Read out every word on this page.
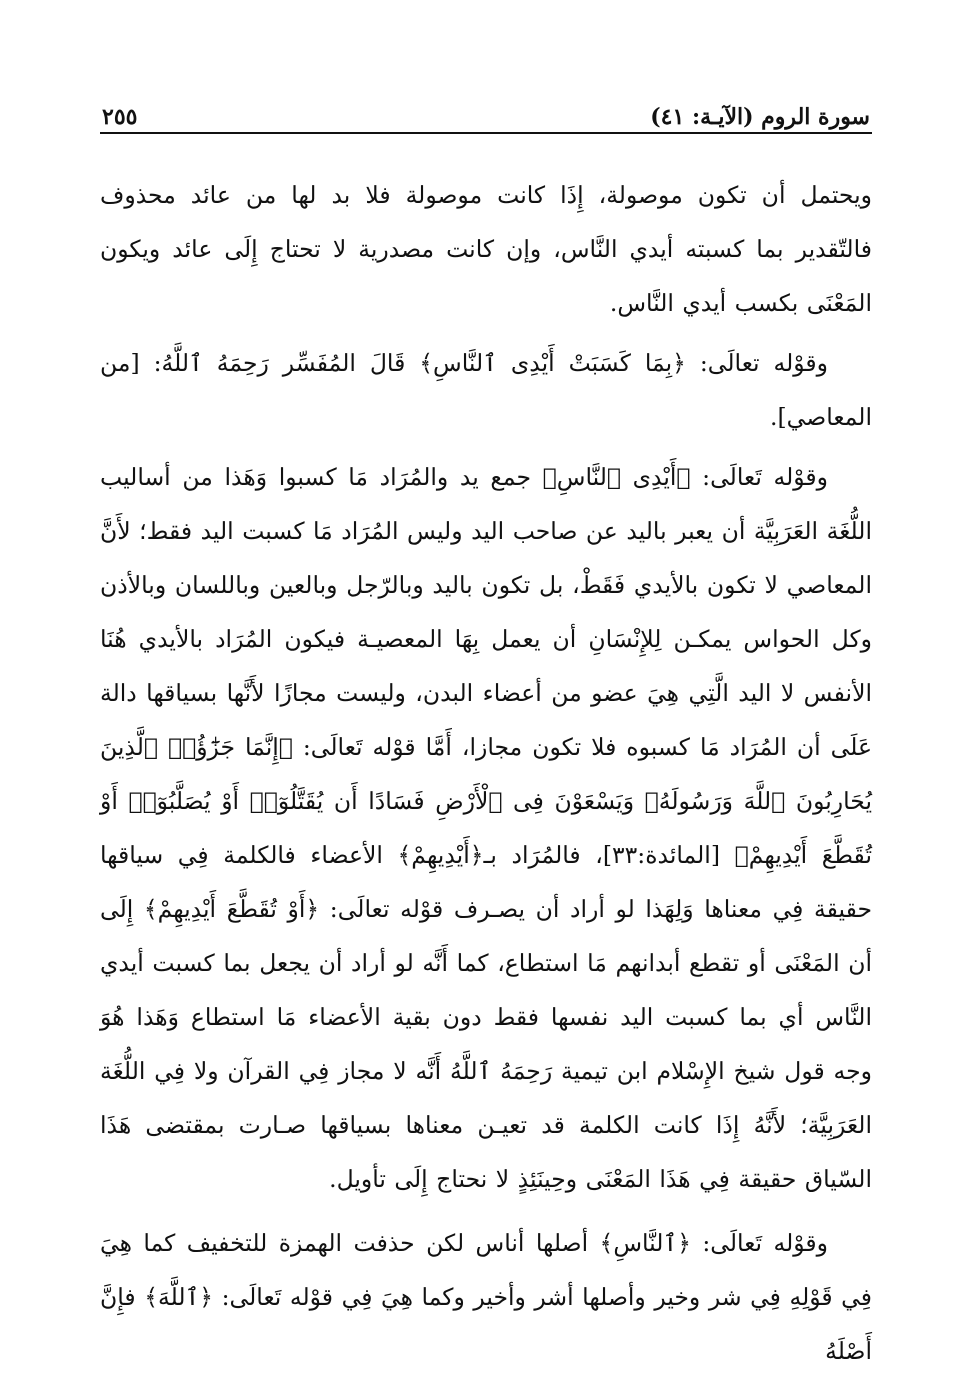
سورة الروم (الآيـة: ٤١)
٢٥٥

ويحتمل أن تكون موصولة، إِذَا كانت موصولة فلا بد لها من عائد محذوف فالتّقدير بما كسبته أيدي النَّاس، وإن كانت مصدرية لا تحتاج إِلَى عائد ويكون المَعْنَى بكسب أيدي النَّاس.

وقوْله تعالَى: ﴿بِمَا كَسَبَتْ أَيْدِى ٱلنَّاسِ﴾ قَالَ المُفَسِّر رَحِمَهُ ٱللَّهُ: [من المعاصي].

وقوْله تَعالَى: ﴿أَيْدِى ٱلنَّاسِ﴾ جمع يد والمُرَاد مَا كسبوا وَهَذا من أساليب اللُّغَة العَرَبِيَّة أن يعبر باليد عن صاحب اليد وليس المُرَاد مَا كسبت اليد فقط؛ لأَنَّ المعاصي لا تكون بالأيدي فَقَطْ، بل تكون باليد وبالرّجل وبالعين وباللسان وبالأذن وكل الحواس يمكـن لِلإِنْسَانِ أن يعمل بِهَا المعصيـة فيكون المُرَاد بالأيدي هُنَا الأنفس لا اليد الَّتِي هِيَ عضو من أعضاء البدن، وليست مجازًا لأَنَّها بسياقها دالة عَلَى أن المُرَاد مَا كسبوه فلا تكون مجازا، أَمَّا قوْله تَعالَى: ﴿إِنَّمَا جَزَٰٓؤُا۟ ٱلَّذِينَ يُحَارِبُونَ ٱللَّهَ وَرَسُولَهُۥ وَيَسْعَوْنَ فِى ٱلْأَرْضِ فَسَادًا أَن يُقَتَّلُوٓا۟ أَوْ يُصَلَّبُوٓا۟ أَوْ تُقَطَّعَ أَيْدِيهِمْ﴾ [المائدة:٣٣]، فالمُرَاد بـ﴿أَيْدِيهِمْ﴾ الأعضاء فالكلمة فِي سياقها حقيقة فِي معناها وَلِهَذا لو أراد أن يصـرف قوْله تعالَى: ﴿أَوْ تُقَطَّعَ أَيْدِيهِمْ﴾ إِلَى أن المَعْنَى أو تقطع أبدانهم مَا استطاع، كما أَنَّه لو أراد أن يجعل بما كسبت أيدي النَّاس أي بما كسبت اليد نفسها فقط دون بقية الأعضاء مَا استطاع وَهَذا هُوَ وجه قول شيخ الإِسْلام ابن تيمية رَحِمَهُ ٱللَّهُ أَنَّه لا مجاز فِي القرآن ولا فِي اللُّغَة العَرَبِيَّة؛ لأَنَّهُ إِذَا كانت الكلمة قد تعيـن معناها بسياقها صـارت بمقتضى هَذَا السّياق حقيقة فِي هَذَا المَعْنَى وحِينَئِذٍ لا نحتاج إِلَى تأويل.

وقوْله تَعالَى: ﴿ٱلنَّاسِ﴾ أصلها أناس لكن حذفت الهمزة للتخفيف كما هِيَ فِي قَوْلِهِ فِي شر وخير وأصلها أشر وأخير وكما هِيَ فِي قوْله تَعالَى: ﴿ٱللَّهَ﴾ فإِنَّ أَصْلَهُ
